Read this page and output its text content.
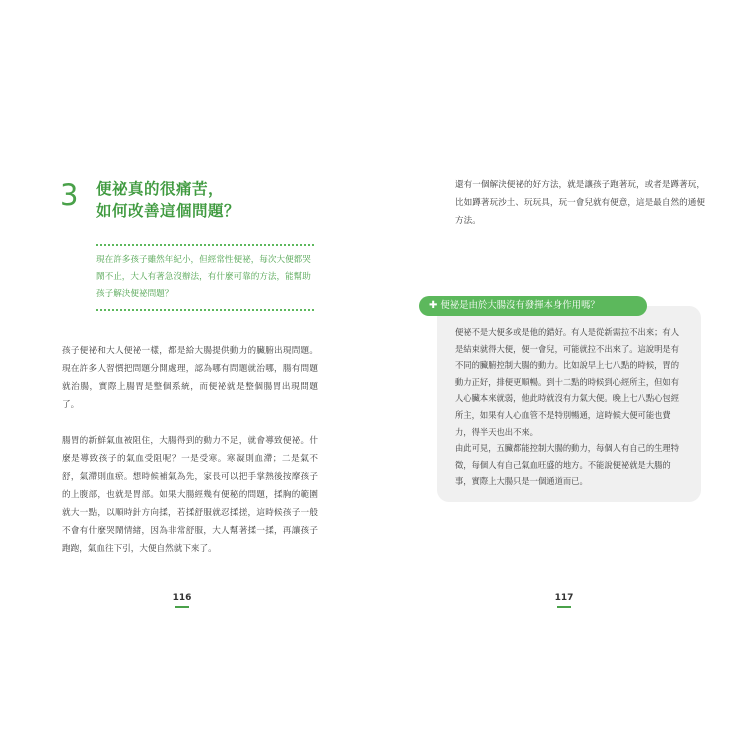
3	便祕真的很痛苦，
如何改善這個問題？
現在許多孩子雖然年紀小，但經常性便祕，每次大便都哭鬧不止，大人有著急沒辦法，有什麼可靠的方法，能幫助孩子解決便祕問題？

孩子便祕和大人便祕一樣，都是給大腸提供動力的臟腑出現問題。現在許多人習慣把問題分開處理，認為哪有問題就治哪，腸有問題就治腸，實際上腸胃是整個系統，而便祕就是整個腸胃出現問題了。

腸胃的新鮮氣血被阻住，大腸得到的動力不足，就會導致便祕。什麼是導致孩子的氣血受阻呢？一是受寒。寒凝則血滯；二是氣不舒，氣滯則血瘀。想時候補氣為先，家長可以把手掌熱後按摩孩子的上腹部，也就是胃部。如果大腸經幾有便秘的問題，揉胸的範圍就大一點，以順時針方向揉，若揉舒服就忍揉搓，這時候孩子一般不會有什麼哭鬧情緒，因為非常舒服，大人幫著揉一揉，再讓孩子跑跑，氣血往下引，大便自然就下來了。

116

還有一個解決便祕的好方法，就是讓孩子跑著玩，或者是蹲著玩，比如蹲著玩沙土、玩玩具，玩一會兒就有便意，這是最自然的通便方法。

✚ 便祕是由於大腸沒有發揮本身作用嗎？

便祕不是大便多或是他的錯好。有人是從新需拉不出來；有人是結束就得大便，便一會兒，可能就拉不出來了。這說明是有不同的臟腑控制大腸的動力。比如說早上七八點的時候，胃的動力正好，排便更順暢。到十二點的時候到心經所主，但如有人心臟本來就弱，他此時就沒有力氣大便。晚上七八點心包經所主，如果有人心血管不是特別暢通，這時候大便可能也費力，得半天也出不來。

由此可見，五臟都能控制大腸的動力，每個人有自己的生理特徵，每個人有自己氣血旺盛的地方。不能說便祕就是大腸的事，實際上大腸只是一個通道而已。

117
